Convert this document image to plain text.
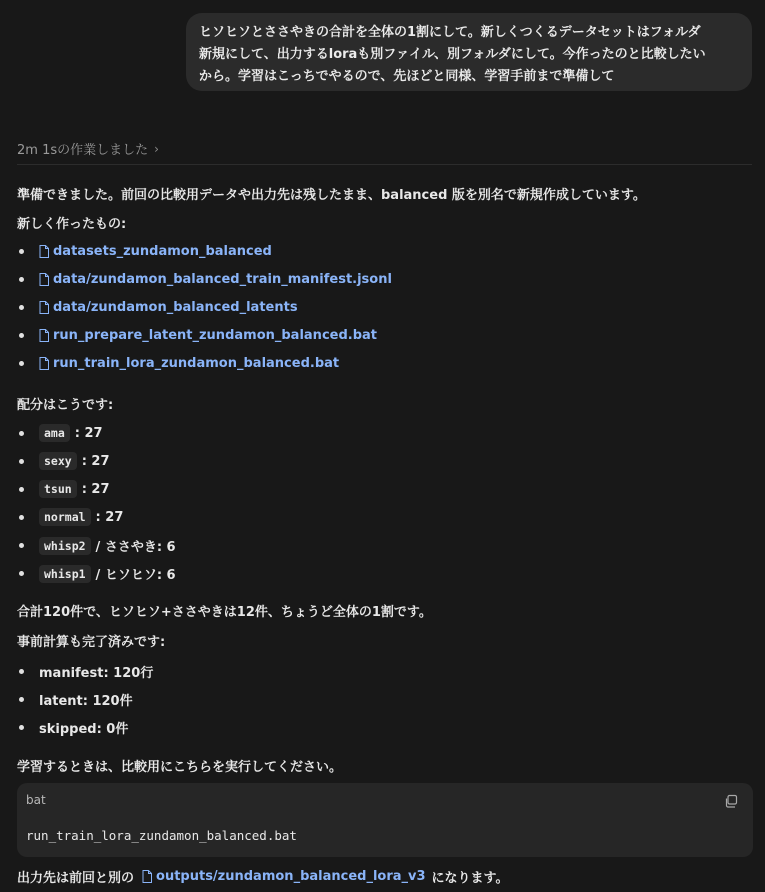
ヒソヒソとささやきの合計を全体の1割にして。新しくつくるデータセットはフォルダ
新規にして、出力するloraも別ファイル、別フォルダにして。今作ったのと比較したい
から。学習はこっちでやるので、先ほどと同様、学習手前まで準備して
2m 1sの作業しました ›
準備できました。前回の比較用データや出力先は残したまま、balanced 版を別名で新規作成しています。
新しく作ったもの:
datasets_zundamon_balanced
data/zundamon_balanced_train_manifest.jsonl
data/zundamon_balanced_latents
run_prepare_latent_zundamon_balanced.bat
run_train_lora_zundamon_balanced.bat
配分はこうです:
ama : 27
sexy : 27
tsun : 27
normal : 27
whisp2 / ささやき: 6
whisp1 / ヒソヒソ: 6
合計120件で、ヒソヒソ+ささやきは12件、ちょうど全体の1割です。
事前計算も完了済みです:
manifest: 120行
latent: 120件
skipped: 0件
学習するときは、比較用にこちらを実行してください。
bat
run_train_lora_zundamon_balanced.bat
出力先は前回と別の outputs/zundamon_balanced_lora_v3 になります。
